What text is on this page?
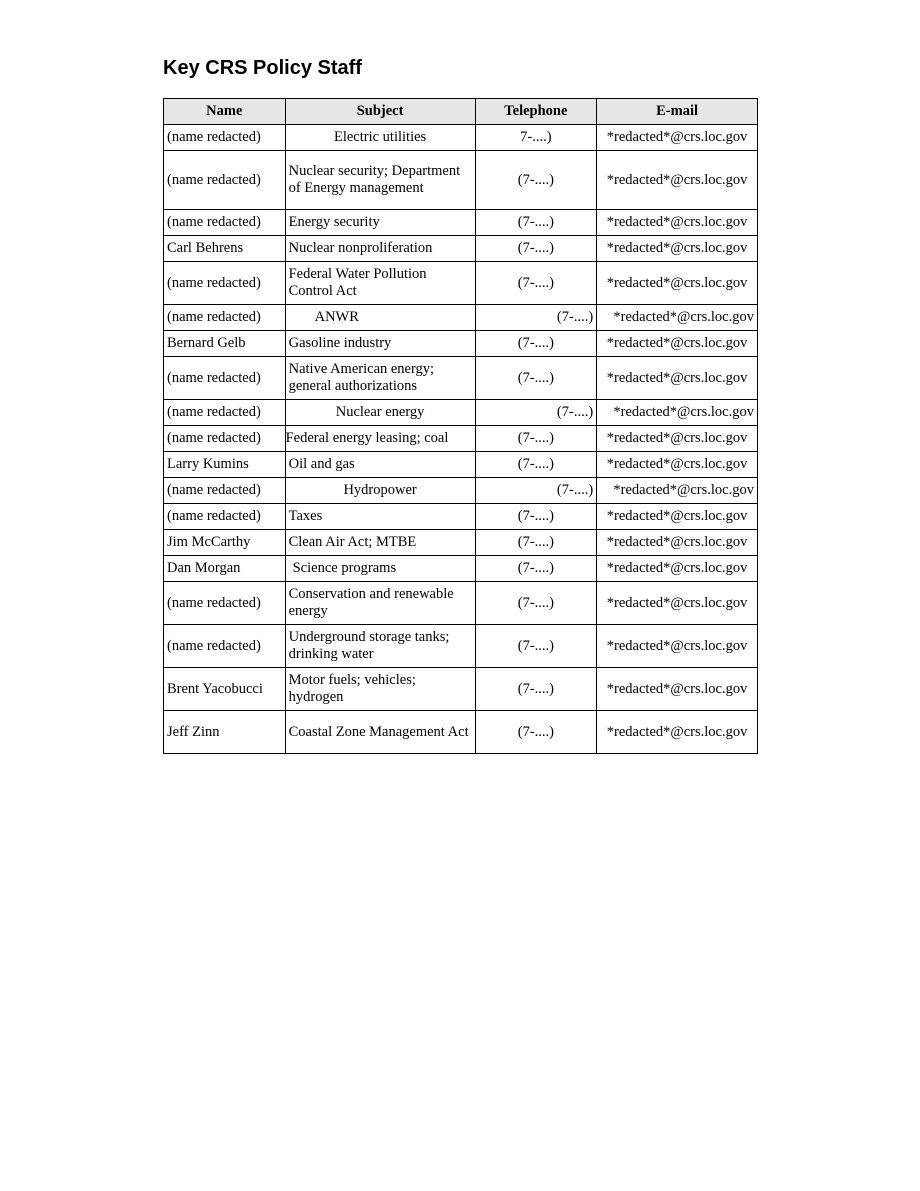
Key CRS Policy Staff
Name	Subject	Telephone	E-mail
(name redacted)	Electric utilities	7-....)	*redacted*@crs.loc.gov
(name redacted)	Nuclear security; Department of Energy management	(7-....)	*redacted*@crs.loc.gov
(name redacted)	Energy security	(7-....)	*redacted*@crs.loc.gov
Carl Behrens	Nuclear nonproliferation	(7-....)	*redacted*@crs.loc.gov
(name redacted)	Federal Water Pollution Control Act	(7-....)	*redacted*@crs.loc.gov
(name redacted)	ANWR	(7-....)	*redacted*@crs.loc.gov
Bernard Gelb	Gasoline industry	(7-....)	*redacted*@crs.loc.gov
(name redacted)	Native American energy; general authorizations	(7-....)	*redacted*@crs.loc.gov
(name redacted)	Nuclear energy	(7-....)	*redacted*@crs.loc.gov
(name redacted)	Federal energy leasing; coal	(7-....)	*redacted*@crs.loc.gov
Larry Kumins	Oil and gas	(7-....)	*redacted*@crs.loc.gov
(name redacted)	Hydropower	(7-....)	*redacted*@crs.loc.gov
(name redacted)	Taxes	(7-....)	*redacted*@crs.loc.gov
Jim McCarthy	Clean Air Act; MTBE	(7-....)	*redacted*@crs.loc.gov
Dan Morgan	Science programs	(7-....)	*redacted*@crs.loc.gov
(name redacted)	Conservation and renewable energy	(7-....)	*redacted*@crs.loc.gov
(name redacted)	Underground storage tanks; drinking water	(7-....)	*redacted*@crs.loc.gov
Brent Yacobucci	Motor fuels; vehicles; hydrogen	(7-....)	*redacted*@crs.loc.gov
Jeff Zinn	Coastal Zone Management Act	(7-....)	*redacted*@crs.loc.gov
